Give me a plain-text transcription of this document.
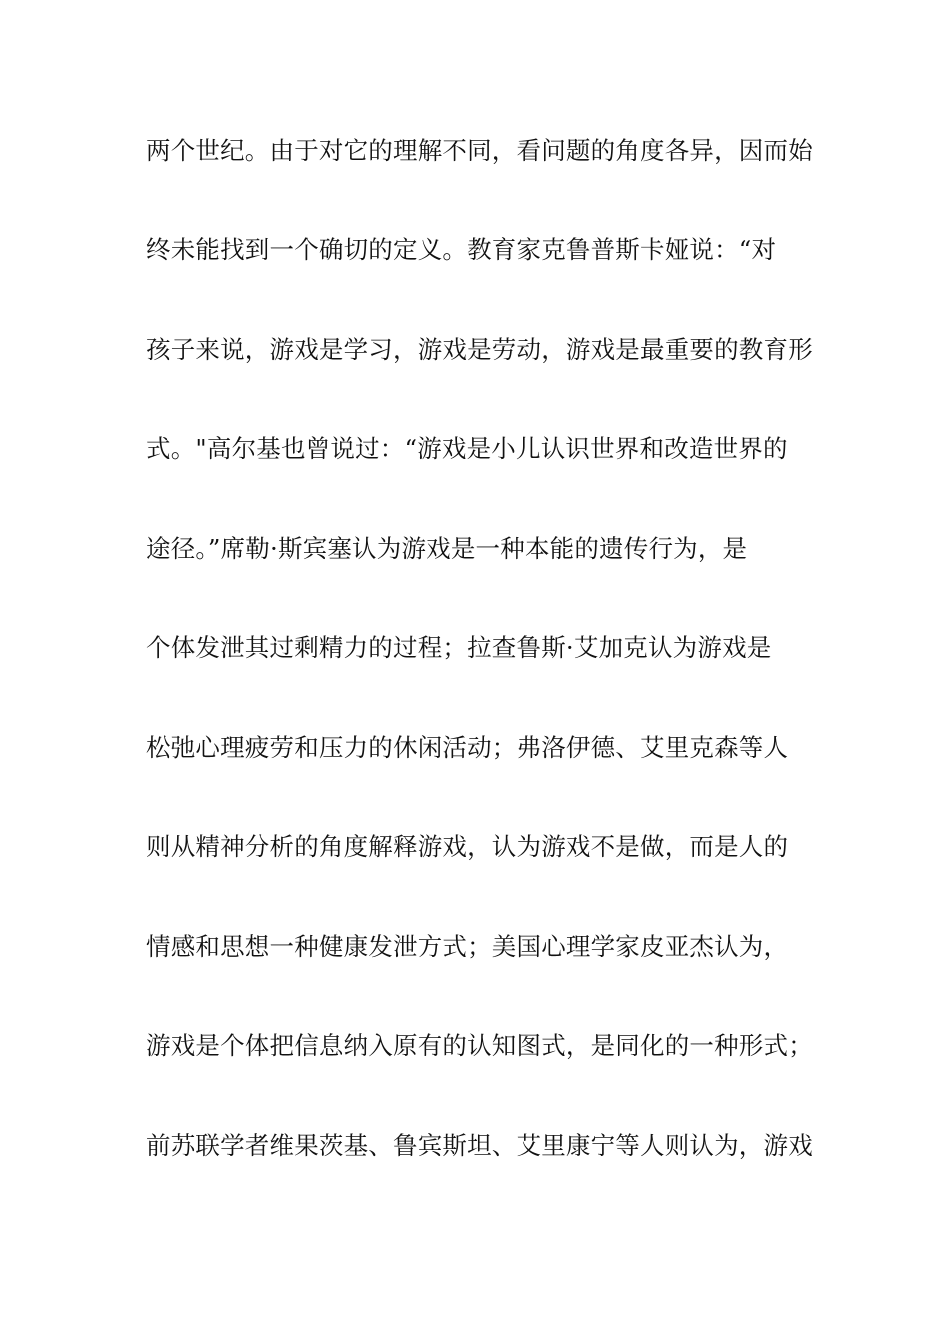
两个世纪。由于对它的理解不同，看问题的角度各异，因而始
终未能找到一个确切的定义。教育家克鲁普斯卡娅说：“对
孩子来说，游戏是学习，游戏是劳动，游戏是最重要的教育形
式。"高尔基也曾说过：“游戏是小儿认识世界和改造世界的
途径。”席勒·斯宾塞认为游戏是一种本能的遗传行为，是
个体发泄其过剩精力的过程；拉查鲁斯·艾加克认为游戏是
松弛心理疲劳和压力的休闲活动；弗洛伊德、艾里克森等人
则从精神分析的角度解释游戏，认为游戏不是做，而是人的
情感和思想一种健康发泄方式；美国心理学家皮亚杰认为，
游戏是个体把信息纳入原有的认知图式，是同化的一种形式；
前苏联学者维果茨基、鲁宾斯坦、艾里康宁等人则认为，游戏
